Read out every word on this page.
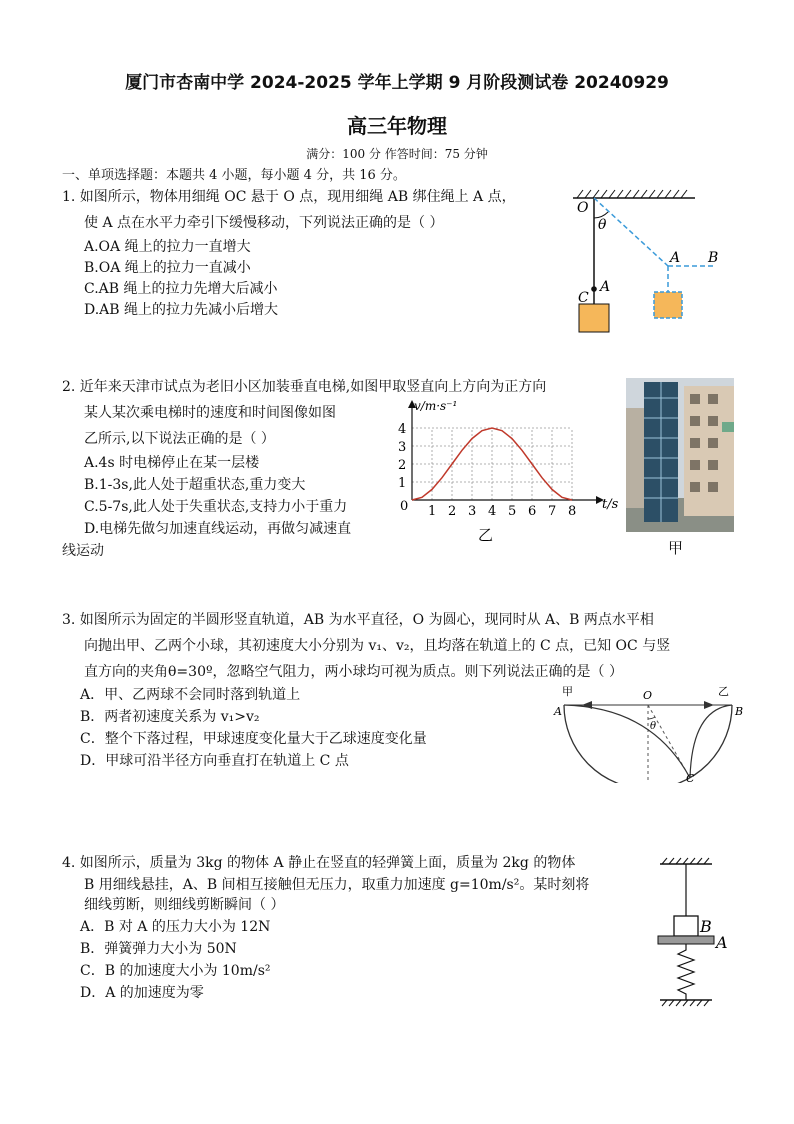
厦门市杏南中学 2024-2025 学年上学期 9 月阶段测试卷 20240929
高三年物理
满分：100 分 作答时间：75 分钟
一、单项选择题：本题共 4 小题，每小题 4 分，共 16 分。
1. 如图所示，物体用细绳 OC 悬于 O 点，现用细绳 AB 绑住绳上 A 点，
使 A 点在水平力牵引下缓慢移动，下列说法正确的是（ ）
A.OA 绳上的拉力一直增大
B.OA 绳上的拉力一直减小
C.AB 绳上的拉力先增大后减小
D.AB 绳上的拉力先减小后增大
O
θ
A B
C
A
2. 近年来天津市试点为老旧小区加装垂直电梯,如图甲取竖直向上方向为正方向
某人某次乘电梯时的速度和时间图像如图
乙所示,以下说法正确的是（ ）
A.4s 时电梯停止在某一层楼
B.1-3s,此人处于超重状态,重力变大
C.5-7s,此人处于失重状态,支持力小于重力
D.电梯先做匀加速直线运动，再做匀减速直
线运动
1 2 3 4 5 6 7 8
1
2
3
4
v/m·s⁻¹
t/s
0
乙
甲
3. 如图所示为固定的半圆形竖直轨道，AB 为水平直径，O 为圆心，现同时从 A、B 两点水平相
向抛出甲、乙两个小球，其初速度大小分别为 v₁、v₂，且均落在轨道上的 C 点，已知 OC 与竖
直方向的夹角θ=30º，忽略空气阻力，两小球均可视为质点。则下列说法正确的是（ ）
A．甲、乙两球不会同时落到轨道上
B．两者初速度关系为 v₁>v₂
C．整个下落过程，甲球速度变化量大于乙球速度变化量
D．甲球可沿半径方向垂直打在轨道上 C 点
甲	乙
O
A	B
C
θ
4. 如图所示，质量为 3kg 的物体 A 静止在竖直的轻弹簧上面，质量为 2kg 的物体
B 用细线悬挂，A、B 间相互接触但无压力，取重力加速度 g=10m/s²。某时刻将
细线剪断，则细线剪断瞬间（ ）
A．B 对 A 的压力大小为 12N
B．弹簧弹力大小为 50N
C．B 的加速度大小为 10m/s²
D．A 的加速度为零
B
A
